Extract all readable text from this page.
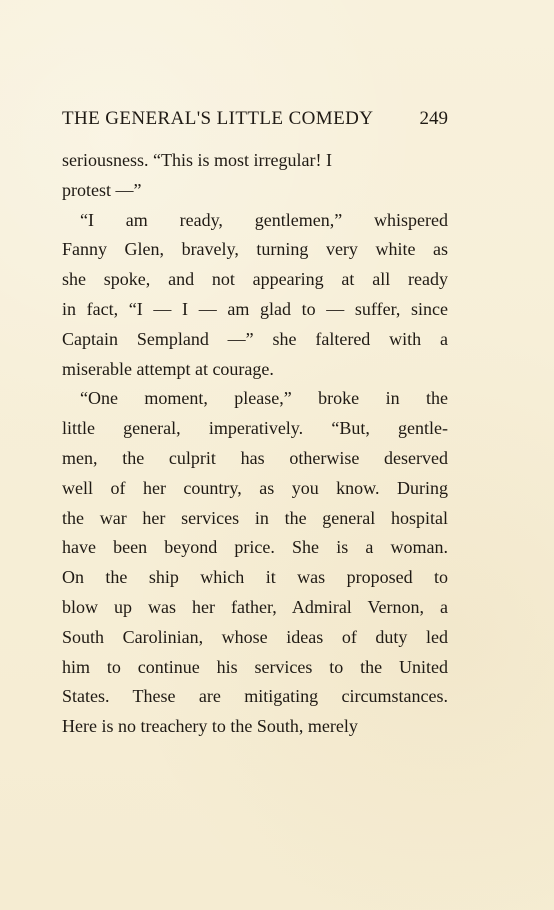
THE GENERAL'S LITTLE COMEDY 249
seriousness. “This is most irregular! I
protest —”
“I am ready, gentlemen,” whispered
Fanny Glen, bravely, turning very white as
she spoke, and not appearing at all ready
in fact, “I — I — am glad to — suffer, since
Captain Sempland —” she faltered with a
miserable attempt at courage.
“One moment, please,” broke in the
little general, imperatively. “But, gentle-
men, the culprit has otherwise deserved
well of her country, as you know. During
the war her services in the general hospital
have been beyond price. She is a woman.
On the ship which it was proposed to
blow up was her father, Admiral Vernon, a
South Carolinian, whose ideas of duty led
him to continue his services to the United
States. These are mitigating circumstances.
Here is no treachery to the South, merely
